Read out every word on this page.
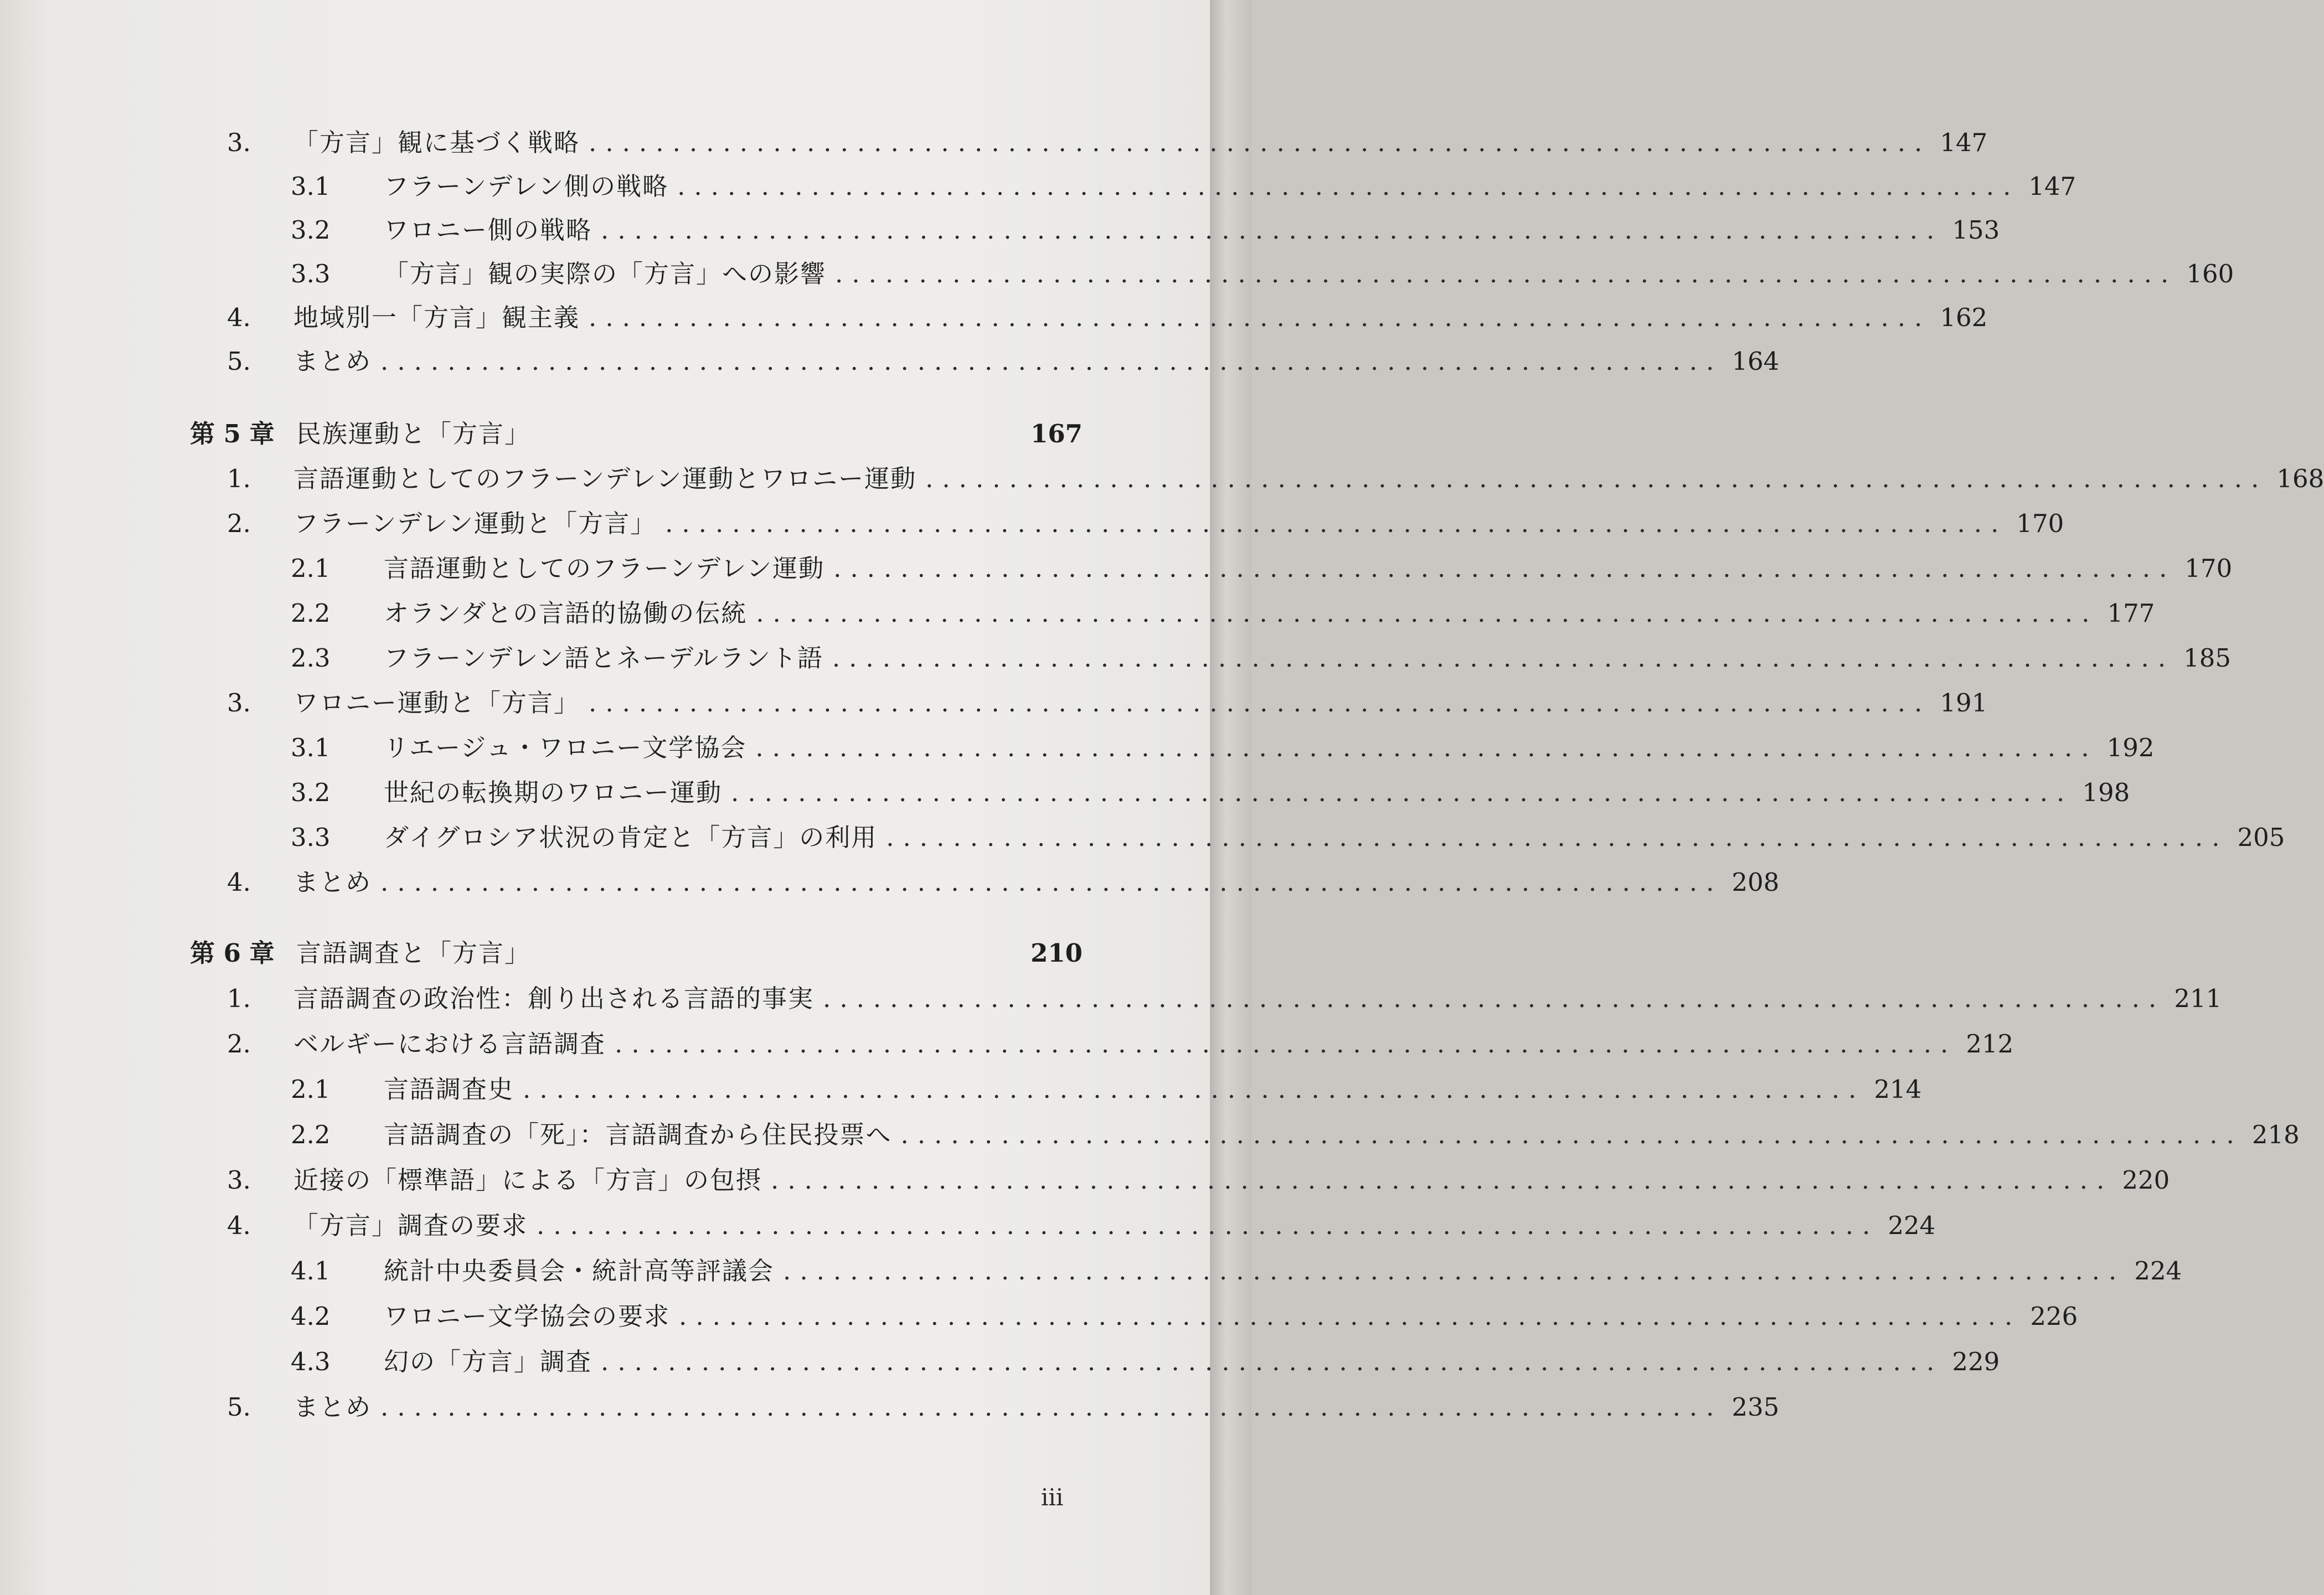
3.	「方言」観に基づく戦略 ................................................................................ 147
3.1	フラーンデレン側の戦略 ................................................................................ 147
3.2	ワロニー側の戦略 ................................................................................ 153
3.3	「方言」観の実際の「方言」への影響 ................................................................................ 160
4.	地域別一「方言」観主義 ................................................................................ 162
5.	まとめ ................................................................................ 164
第 5 章 民族運動と「方言」	167
1.	言語運動としてのフラーンデレン運動とワロニー運動 ................................................................................ 168
2.	フラーンデレン運動と「方言」 ................................................................................ 170
2.1	言語運動としてのフラーンデレン運動 ................................................................................ 170
2.2	オランダとの言語的協働の伝統 ................................................................................ 177
2.3	フラーンデレン語とネーデルラント語 ................................................................................ 185
3.	ワロニー運動と「方言」 ................................................................................ 191
3.1	リエージュ・ワロニー文学協会 ................................................................................ 192
3.2	世紀の転換期のワロニー運動 ................................................................................ 198
3.3	ダイグロシア状況の肯定と「方言」の利用 ................................................................................ 205
4.	まとめ ................................................................................ 208
第 6 章 言語調査と「方言」	210
1.	言語調査の政治性：創り出される言語的事実 ................................................................................ 211
2.	ベルギーにおける言語調査 ................................................................................ 212
2.1	言語調査史 ................................................................................ 214
2.2	言語調査の「死」：言語調査から住民投票へ ................................................................................ 218
3.	近接の「標準語」による「方言」の包摂 ................................................................................ 220
4.	「方言」調査の要求 ................................................................................ 224
4.1	統計中央委員会・統計高等評議会 ................................................................................ 224
4.2	ワロニー文学協会の要求 ................................................................................ 226
4.3	幻の「方言」調査 ................................................................................ 229
5.	まとめ ................................................................................ 235
iii
